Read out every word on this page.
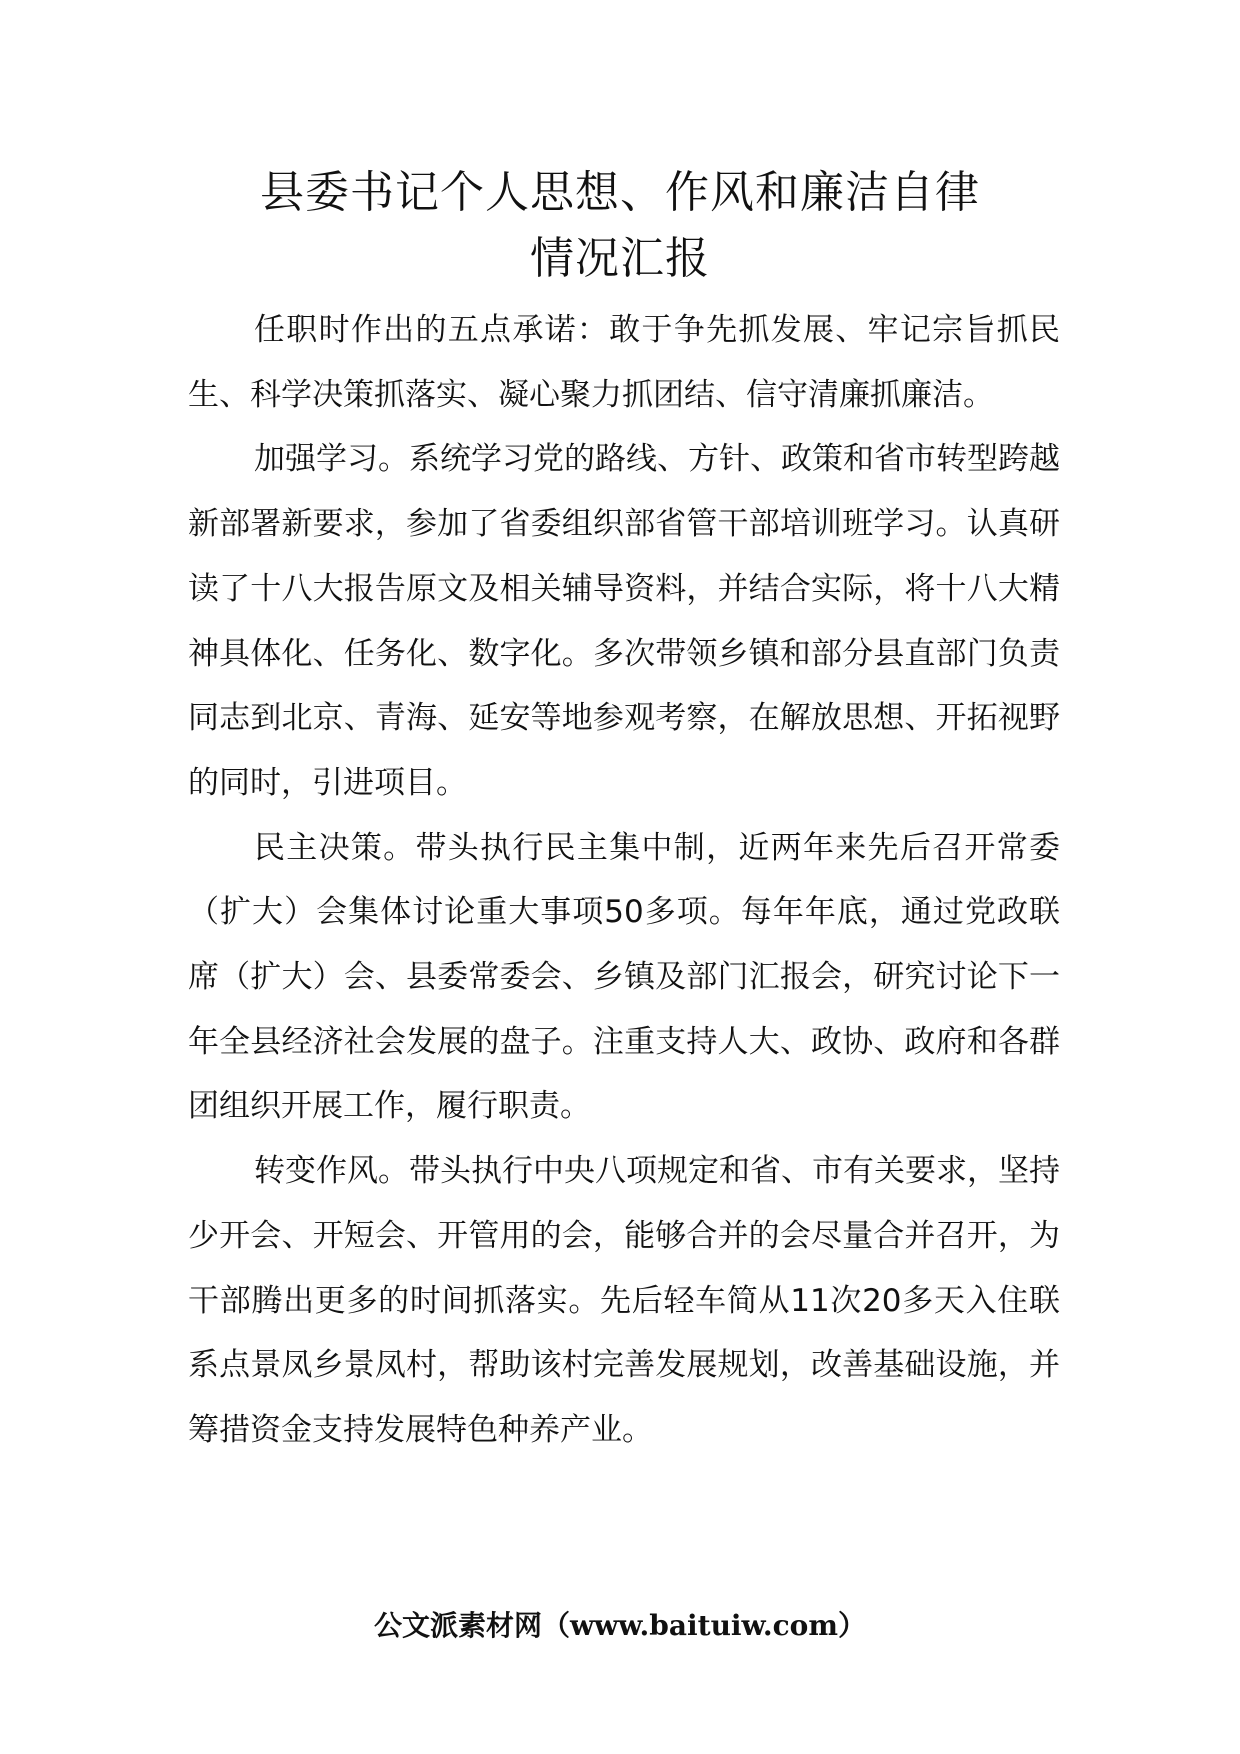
县委书记个人思想、作风和廉洁自律
情况汇报

任职时作出的五点承诺：敢于争先抓发展、牢记宗旨抓民生、科学决策抓落实、凝心聚力抓团结、信守清廉抓廉洁。

加强学习。系统学习党的路线、方针、政策和省市转型跨越新部署新要求，参加了省委组织部省管干部培训班学习。认真研读了十八大报告原文及相关辅导资料，并结合实际，将十八大精神具体化、任务化、数字化。多次带领乡镇和部分县直部门负责同志到北京、青海、延安等地参观考察，在解放思想、开拓视野的同时，引进项目。

民主决策。带头执行民主集中制，近两年来先后召开常委（扩大）会集体讨论重大事项50多项。每年年底，通过党政联席（扩大）会、县委常委会、乡镇及部门汇报会，研究讨论下一年全县经济社会发展的盘子。注重支持人大、政协、政府和各群团组织开展工作，履行职责。

转变作风。带头执行中央八项规定和省、市有关要求，坚持少开会、开短会、开管用的会，能够合并的会尽量合并召开，为干部腾出更多的时间抓落实。先后轻车简从11次20多天入住联系点景凤乡景凤村，帮助该村完善发展规划，改善基础设施，并筹措资金支持发展特色种养产业。

公文派素材网（www.baituiw.com）
